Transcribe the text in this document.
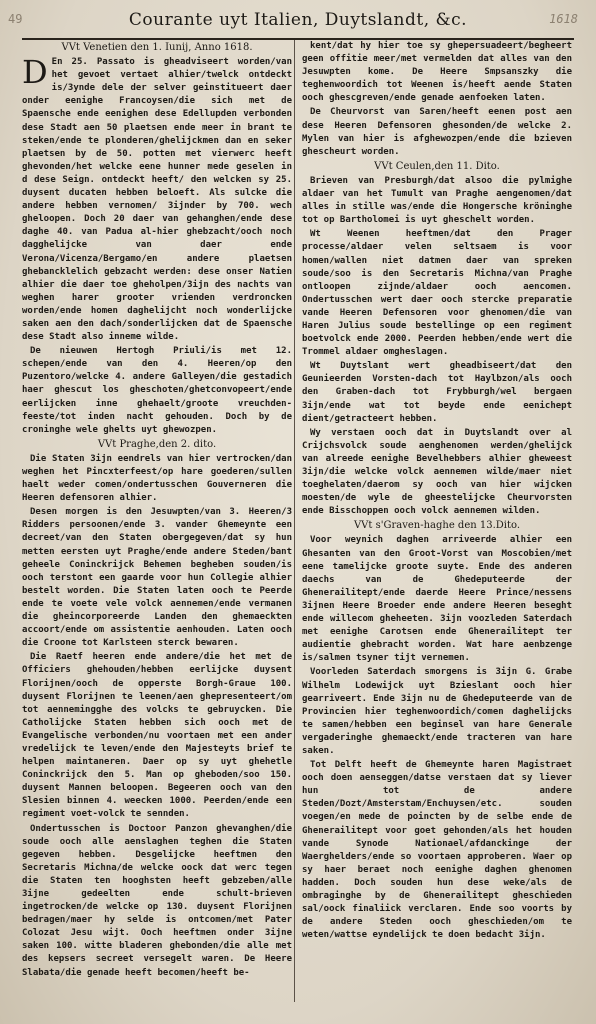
49	1618
Courante uyt Italien, Duytslandt, &c.
VVt Venetien den 1. Iunij, Anno 1618.
D En 25. Passato is gheadviseert worden/van het gevoet vertaet alhier/twelck ontdeckt is/3ynde dele der selver geinstitueert daer onder eenighe Francoysen/die sich met de Spaensche ende eenighen dese Edellupden verbonden dese Stadt aen 50 plaetsen ende meer in brant te steken/ende te plonderen/ghelijckmen dan en seker plaetsen by de 50. potten met vierwerc heeft ghevonden/het welcke eene hunner mede geselen in d dese Seign. ontdeckt heeft/ den welcken sy 25. duysent ducaten hebben beloeft. Als sulcke die andere hebben vernomen/ 3ijnder by 700. wech gheloopen. Doch 20 daer van gehanghen/ende dese daghe 40. van Padua al-hier ghebzacht/ooch noch dagghelijcke van daer ende Verona/Vicenza/Bergamo/en andere plaetsen ghebancklelich gebzacht werden: dese onser Natien alhier die daer toe gheholpen/3ijn des nachts van weghen harer grooter vrienden verdroncken worden/ende homen daghelijcht noch wonderlijcke saken aen den dach/sonderlijcken dat de Spaensche dese Stadt also inneme wilde.
De nieuwen Hertogh Priuli/is met 12. schepen/ende van den 4. Heeren/op den Puzentoro/welcke 4. andere Galleyen/die gestadich haer ghescut los gheschoten/ghetconvopeert/ende eerlijcken inne ghehaelt/groote vreuchden-feeste/tot inden nacht gehouden. Doch by de croninghe wele ghelts uyt ghewozpen.
VVt Praghe,den 2. dito.
Die Staten 3ijn eendrels van hier vertrocken/dan weghen het Pincxterfeest/op hare goederen/sullen haelt weder comen/ondertusschen Gouverneren die Heeren defensoren alhier.
Desen morgen is den Jesuwpten/van 3. Heeren/3 Ridders persoonen/ende 3. vander Ghemeynte een decreet/van den Staten obergegeven/dat sy hun metten eersten uyt Praghe/ende andere Steden/bant geheele Coninckrijck Behemen begheben souden/is ooch terstont een gaarde voor hun Collegie alhier bestelt worden. Die Staten laten ooch te Peerde ende te voete vele volck aennemen/ende vermanen die gheincorporeerde Landen den ghemaeckten accoort/ende om assistentie aenhouden. Laten ooch die Croone tot Karlsteen sterck bewaren.
Die Raetf heeren ende andere/die het met de Officiers ghehouden/hebben eerlijcke duysent Florijnen/ooch de opperste Borgh-Graue 100. duysent Florijnen te leenen/aen ghepresenteert/om tot aennemingghe des volcks te gebruycken. Die Catholijcke Staten hebben sich ooch met de Evangelische verbonden/nu voortaen met een ander vredelijck te leven/ende den Majesteyts brief te helpen maintaneren. Daer op sy uyt ghehetle Coninckrijck den 5. Man op gheboden/soo 150. duysent Mannen beloopen. Begeeren ooch van den Slesien binnen 4. weecken 1000. Peerden/ende een regiment voet-volck te sennden.
Ondertusschen is Doctoor Panzon ghevanghen/die soude ooch alle aenslaghen teghen die Staten gegeven hebben. Desgelijcke heeftmen den Secretaris Michna/de welcke oock dat werc tegen die Staten ten hooghsten heeft gebzeben/alle 3ijne gedeelten ende schult-brieven ingetrocken/de welcke op 130. duysent Florijnen bedragen/maer hy selde is ontcomen/met Pater Colozat Jesu wijt. Ooch heeftmen onder 3ijne saken 100. witte bladeren ghebonden/die alle met des kepsers secreet versegelt waren. De Heere Slabata/die genade heeft becomen/heeft be-
kent/dat hy hier toe sy ghepersuadeert/begheert geen offitie meer/met vermelden dat alles van den Jesuwpten kome. De Heere Smpsanszky die teghenwoordich tot Weenen is/heeft aende Staten ooch ghescgreven/ende genade aenfoeken laten.
De Cheurvorst van Saren/heeft eenen post aen dese Heeren Defensoren ghesonden/de welcke 2. Mylen van hier is afghewozpen/ende die bzieven ghescheurt worden.
VVt Ceulen,den 11. Dito.
Brieven van Presburgh/dat alsoo die pylmighe aldaer van het Tumult van Praghe aengenomen/dat alles in stille was/ende die Hongersche kröninghe tot op Bartholomei is uyt gheschelt worden.
Wt Weenen heeftmen/dat den Prager processe/aldaer velen seltsaem is voor homen/wallen niet datmen daer van spreken soude/soo is den Secretaris Michna/van Praghe ontloopen zijnde/aldaer ooch aencomen. Ondertusschen wert daer ooch stercke preparatie vande Heeren Defensoren voor ghenomen/die van Haren Julius soude bestellinge op een regiment boetvolck ende 2000. Peerden hebben/ende wert die Trommel aldaer omgheslagen.
Wt Duytslant wert gheadbiseert/dat den Geunieerden Vorsten-dach tot Haylbzon/als ooch den Graben-dach tot Frybburgh/wel bergaen 3ijn/ende wat tot beyde ende eenichept dient/getracteert hebben.
Wy verstaen ooch dat in Duytslandt over al Crijchsvolck soude aenghenomen werden/ghelijck van alreede eenighe Bevelhebbers alhier gheweest 3ijn/die welcke volck aennemen wilde/maer niet toeghelaten/daerom sy ooch van hier wijcken moesten/de wyle de gheestelijcke Cheurvorsten ende Bisschoppen ooch volck aennemen wilden.
VVt s'Graven-haghe den 13.Dito.
Voor weynich daghen arriveerde alhier een Ghesanten van den Groot-Vorst van Moscobien/met eene tamelijcke groote suyte. Ende des anderen daechs van de Ghedeputeerde der Ghenerailitept/ende daerde Heere Prince/nessens 3ijnen Heere Broeder ende andere Heeren beseght ende willecom gheheeten. 3ijn voozleden Saterdach met eenighe Carotsen ende Ghenerailitept ter audientie ghebracht worden. Wat hare aenbzenge is/salmen tsyner tijt vernemen.
Voorleden Saterdach smorgens is 3ijn G. Grabe Wilhelm Lodewijck uyt Bzieslant ooch hier gearriveert. Ende 3ijn nu de Ghedeputeerde van de Provincien hier teghenwoordich/comen daghelijcks te samen/hebben een beginsel van hare Generale vergaderinghe ghemaeckt/ende tracteren van hare saken.
Tot Delft heeft de Ghemeynte haren Magistraet ooch doen aenseggen/datse verstaen dat sy liever hun tot de andere Steden/Dozt/Amsterstam/Enchuysen/etc. souden voegen/en mede de poincten by de selbe ende de Ghenerailitept voor goet gehonden/als het houden vande Synode Nationael/afdanckinge der Waerghelders/ende so voortaen approberen. Waer op sy haer beraet noch eenighe daghen ghenomen hadden. Doch souden hun dese weke/als de ombraginghe by de Ghenerailitept gheschieden sal/oock finaliick verclaren. Ende soo voorts by de andere Steden ooch gheschieden/om te weten/wattse eyndelijck te doen bedacht 3ijn.
